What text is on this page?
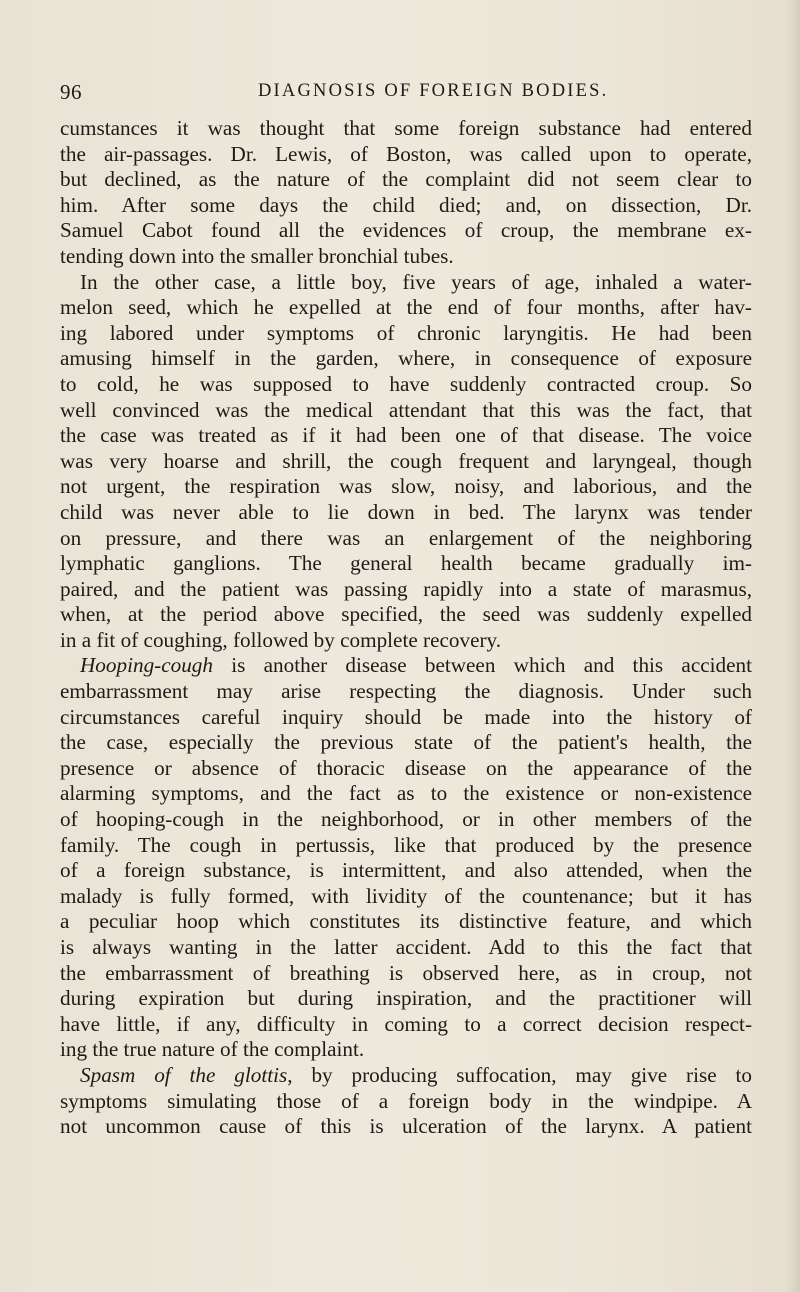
96	DIAGNOSIS OF FOREIGN BODIES.
cumstances it was thought that some foreign substance had entered
the air-passages. Dr. Lewis, of Boston, was called upon to operate,
but declined, as the nature of the complaint did not seem clear to
him. After some days the child died; and, on dissection, Dr.
Samuel Cabot found all the evidences of croup, the membrane ex-
tending down into the smaller bronchial tubes.
In the other case, a little boy, five years of age, inhaled a water-
melon seed, which he expelled at the end of four months, after hav-
ing labored under symptoms of chronic laryngitis. He had been
amusing himself in the garden, where, in consequence of exposure
to cold, he was supposed to have suddenly contracted croup. So
well convinced was the medical attendant that this was the fact, that
the case was treated as if it had been one of that disease. The voice
was very hoarse and shrill, the cough frequent and laryngeal, though
not urgent, the respiration was slow, noisy, and laborious, and the
child was never able to lie down in bed. The larynx was tender
on pressure, and there was an enlargement of the neighboring
lymphatic ganglions. The general health became gradually im-
paired, and the patient was passing rapidly into a state of marasmus,
when, at the period above specified, the seed was suddenly expelled
in a fit of coughing, followed by complete recovery.
Hooping-cough is another disease between which and this accident
embarrassment may arise respecting the diagnosis. Under such
circumstances careful inquiry should be made into the history of
the case, especially the previous state of the patient's health, the
presence or absence of thoracic disease on the appearance of the
alarming symptoms, and the fact as to the existence or non-existence
of hooping-cough in the neighborhood, or in other members of the
family. The cough in pertussis, like that produced by the presence
of a foreign substance, is intermittent, and also attended, when the
malady is fully formed, with lividity of the countenance; but it has
a peculiar hoop which constitutes its distinctive feature, and which
is always wanting in the latter accident. Add to this the fact that
the embarrassment of breathing is observed here, as in croup, not
during expiration but during inspiration, and the practitioner will
have little, if any, difficulty in coming to a correct decision respect-
ing the true nature of the complaint.
Spasm of the glottis, by producing suffocation, may give rise to
symptoms simulating those of a foreign body in the windpipe. A
not uncommon cause of this is ulceration of the larynx. A patient
